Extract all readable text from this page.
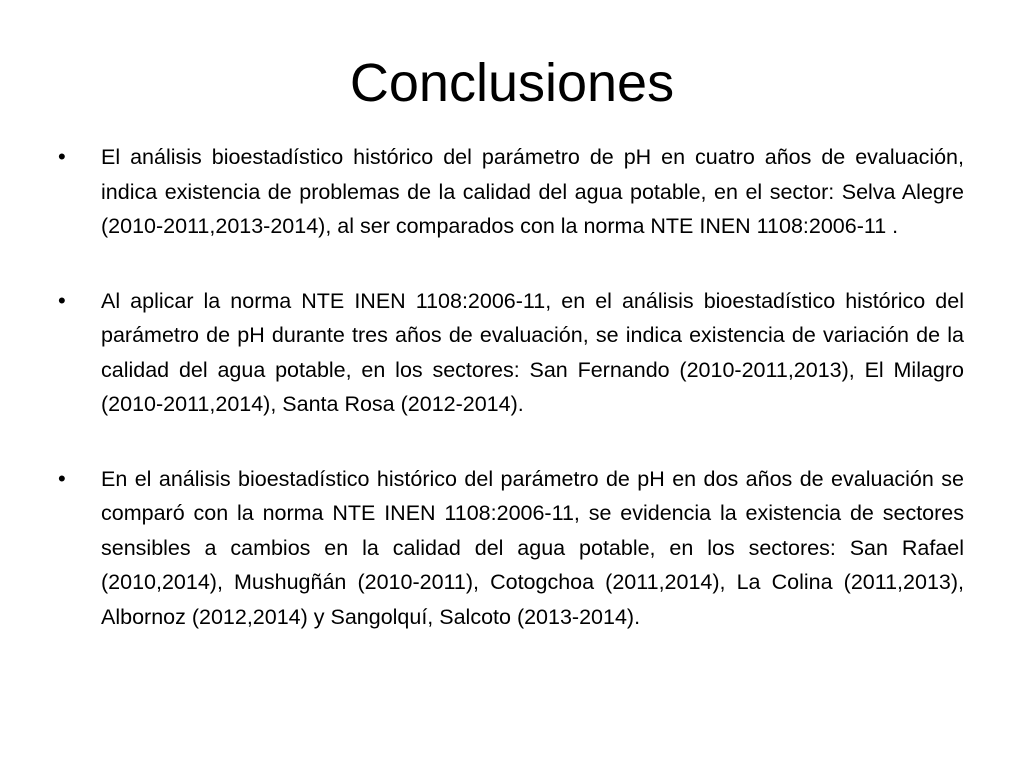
Conclusiones
• El análisis bioestadístico histórico del parámetro de pH en cuatro años de evaluación, indica existencia de problemas de la calidad del agua potable, en el sector: Selva Alegre (2010-2011,2013-2014), al ser comparados con la norma NTE INEN 1108:2006-11 .
• Al aplicar la norma NTE INEN 1108:2006-11, en el análisis bioestadístico histórico del parámetro de pH durante tres años de evaluación, se indica existencia de variación de la calidad del agua potable, en los sectores: San Fernando (2010-2011,2013), El Milagro (2010-2011,2014), Santa Rosa (2012-2014).
• En el análisis bioestadístico histórico del parámetro de pH en dos años de evaluación se comparó con la norma NTE INEN 1108:2006-11, se evidencia la existencia de sectores sensibles a cambios en la calidad del agua potable, en los sectores: San Rafael (2010,2014), Mushugñán (2010-2011), Cotogchoa (2011,2014), La Colina (2011,2013), Albornoz (2012,2014) y Sangolquí, Salcoto (2013-2014).
